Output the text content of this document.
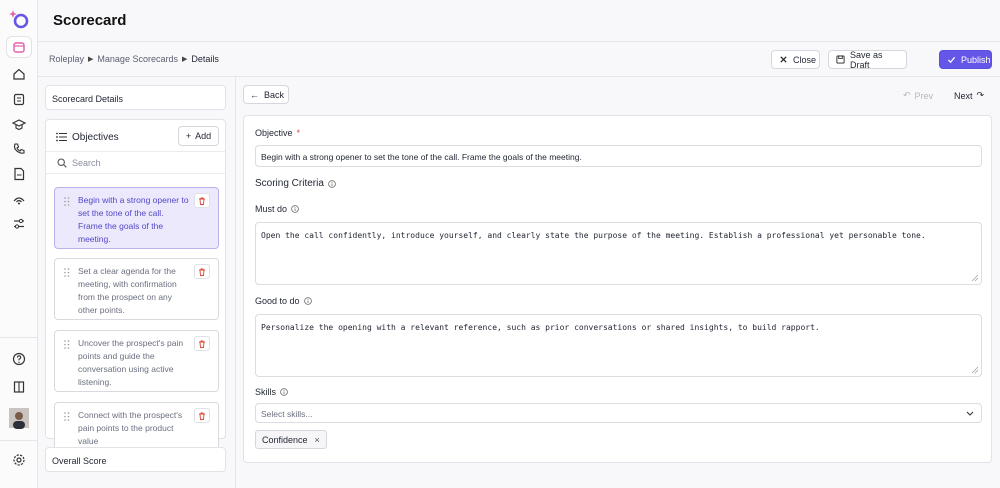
Scorecard
Roleplay ▶ Manage Scorecards ▶ Details	Close	Save as Draft	Publish
Scorecard Details
Objectives	+ Add
Search
Begin with a strong opener to set the tone of the call. Frame the goals of the meeting.
Set a clear agenda for the meeting, with confirmation from the prospect on any other points.
Uncover the prospect's pain points and guide the conversation using active listening.
Connect with the prospect's pain points to the product value
Overall Score
← Back	↶ Prev Next ↷
Objective *
Begin with a strong opener to set the tone of the call. Frame the goals of the meeting.
Scoring Criteria
Must do
Open the call confidently, introduce yourself, and clearly state the purpose of the meeting. Establish a professional yet personable tone.
Good to do
Personalize the opening with a relevant reference, such as prior conversations or shared insights, to build rapport.
Skills
Select skills...
Confidence ×
